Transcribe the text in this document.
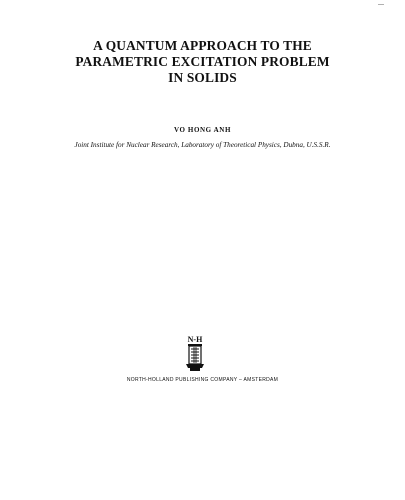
A QUANTUM APPROACH TO THE
PARAMETRIC EXCITATION PROBLEM
IN SOLIDS
VO HONG ANH
Joint Institute for Nuclear Research, Laboratory of Theoretical Physics, Dubna, U.S.S.R.
N-H
NORTH-HOLLAND PUBLISHING COMPANY – AMSTERDAM
